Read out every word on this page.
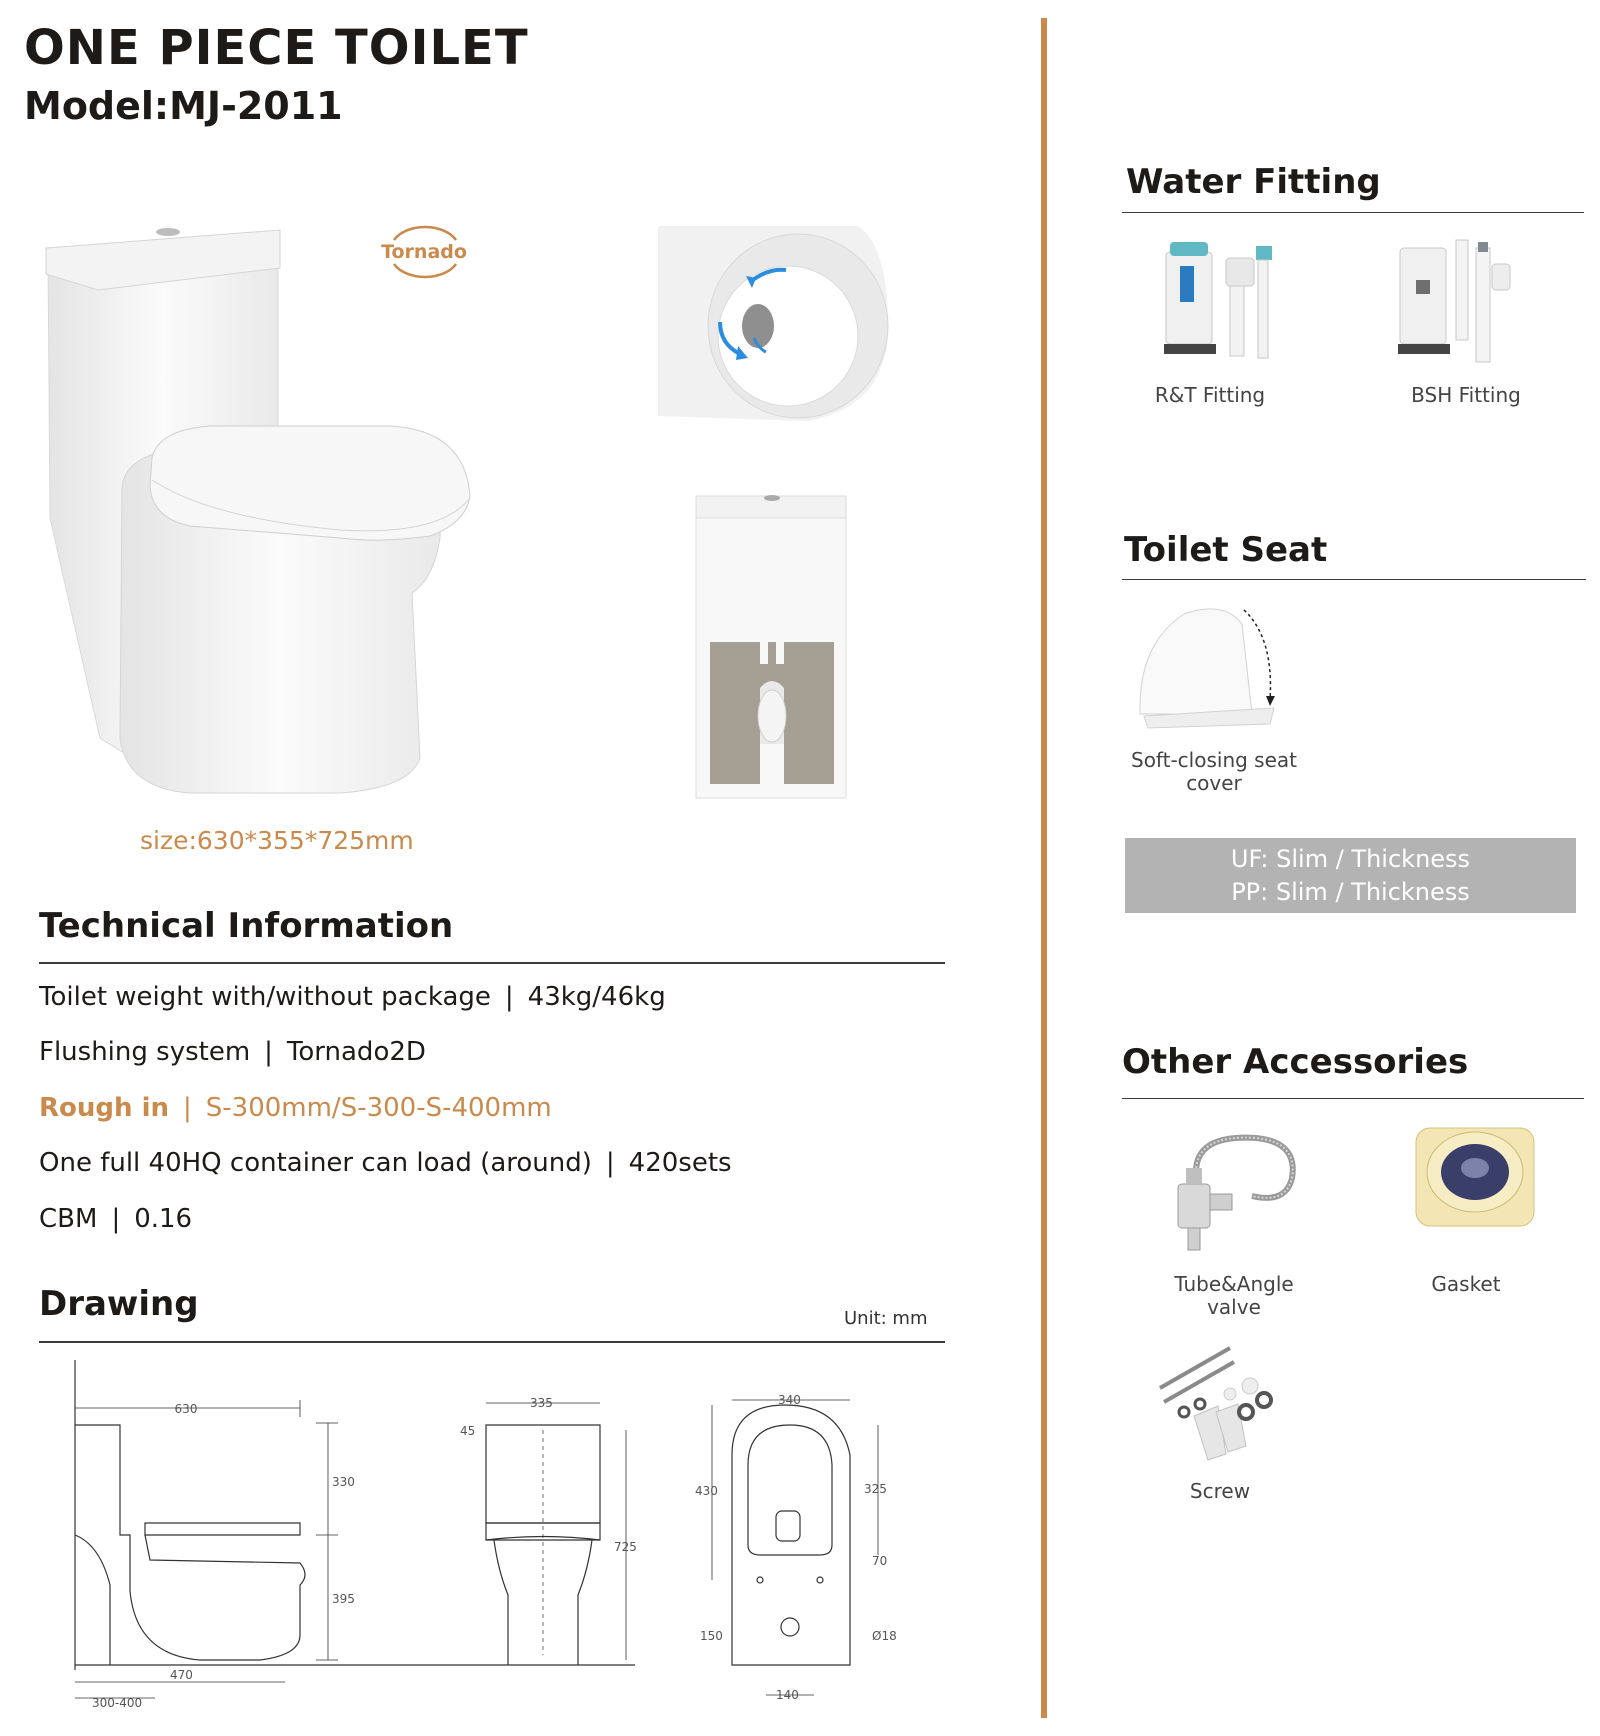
ONE PIECE TOILET
Model:MJ-2011
Tornado
size:630*355*725mm
Technical Information
Toilet weight with/without package | 43kg/46kg
Flushing system | Tornado2D
Rough in | S-300mm/S-300-S-400mm
One full 40HQ container can load (around) | 420sets
CBM | 0.16
Drawing	Unit: mm
630
330
395
470
300-400
335
45
725
340
430	325
70
150	Ø18
140
Water Fitting
R&T Fitting	BSH Fitting
Toilet Seat
Soft-closing seat
cover
UF: Slim / Thickness
PP: Slim / Thickness
Other Accessories
Tube&Angle
valve
Gasket
Screw
